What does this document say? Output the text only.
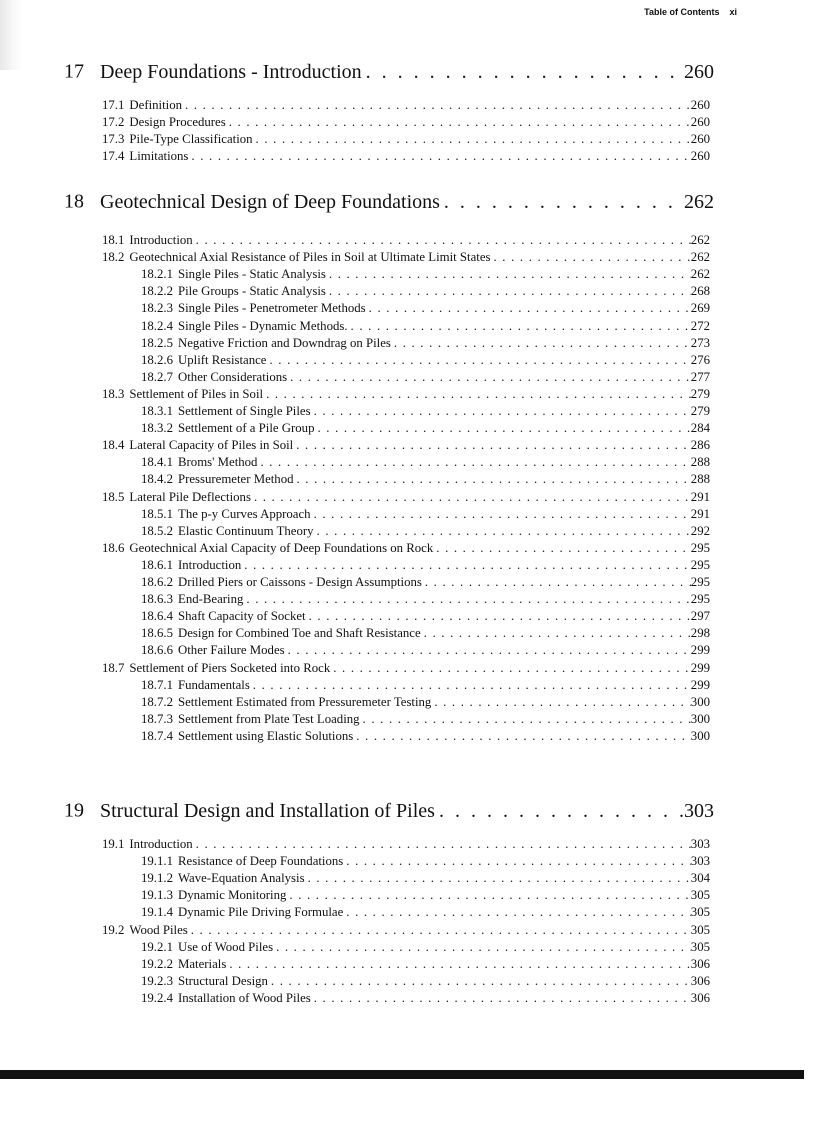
Table of Contents xi
17 Deep Foundations - Introduction . . .	260
17.1 Definition . . .	260
17.2 Design Procedures . . .	260
17.3 Pile-Type Classification . . .	260
17.4 Limitations . . .	260
18 Geotechnical Design of Deep Foundations . . .	262
18.1 Introduction . . .	262
18.2 Geotechnical Axial Resistance of Piles in Soil at Ultimate Limit States . . .	262
18.2.1 Single Piles - Static Analysis . . .	262
18.2.2 Pile Groups - Static Analysis . . .	268
18.2.3 Single Piles - Penetrometer Methods . . .	269
18.2.4 Single Piles - Dynamic Methods. . . .	272
18.2.5 Negative Friction and Downdrag on Piles . . .	273
18.2.6 Uplift Resistance . . .	276
18.2.7 Other Considerations . . .	277
18.3 Settlement of Piles in Soil . . .	279
18.3.1 Settlement of Single Piles . . .	279
18.3.2 Settlement of a Pile Group . . .	284
18.4 Lateral Capacity of Piles in Soil . . .	286
18.4.1 Broms' Method . . .	288
18.4.2 Pressuremeter Method . . .	288
18.5 Lateral Pile Deflections . . .	291
18.5.1 The p-y Curves Approach . . .	291
18.5.2 Elastic Continuum Theory . . .	292
18.6 Geotechnical Axial Capacity of Deep Foundations on Rock . . .	295
18.6.1 Introduction . . .	295
18.6.2 Drilled Piers or Caissons - Design Assumptions . . .	295
18.6.3 End-Bearing . . .	295
18.6.4 Shaft Capacity of Socket . . .	297
18.6.5 Design for Combined Toe and Shaft Resistance . . .	298
18.6.6 Other Failure Modes . . .	299
18.7 Settlement of Piers Socketed into Rock . . .	299
18.7.1 Fundamentals . . .	299
18.7.2 Settlement Estimated from Pressuremeter Testing . . .	300
18.7.3 Settlement from Plate Test Loading . . .	300
18.7.4 Settlement using Elastic Solutions . . .	300
19 Structural Design and Installation of Piles . . .	303
19.1 Introduction . . .	303
19.1.1 Resistance of Deep Foundations . . .	303
19.1.2 Wave-Equation Analysis . . .	304
19.1.3 Dynamic Monitoring . . .	305
19.1.4 Dynamic Pile Driving Formulae . . .	305
19.2 Wood Piles . . .	305
19.2.1 Use of Wood Piles . . .	305
19.2.2 Materials . . .	306
19.2.3 Structural Design . . .	306
19.2.4 Installation of Wood Piles . . .	306
